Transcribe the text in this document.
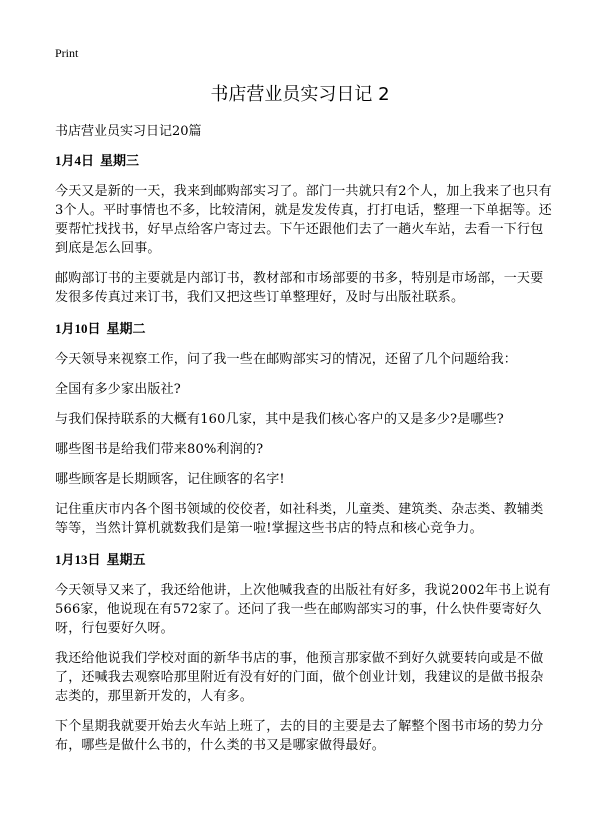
Print
书店营业员实习日记 2

书店营业员实习日记20篇

1月4日 星期三

今天又是新的一天，我来到邮购部实习了。部门一共就只有2个人，加上我来了也只有3个人。平时事情也不多，比较清闲，就是发发传真，打打电话，整理一下单据等。还要帮忙找找书，好早点给客户寄过去。下午还跟他们去了一趟火车站，去看一下行包到底是怎么回事。

邮购部订书的主要就是内部订书，教材部和市场部要的书多，特别是市场部，一天要发很多传真过来订书，我们又把这些订单整理好，及时与出版社联系。

1月10日 星期二

今天领导来视察工作，问了我一些在邮购部实习的情况，还留了几个问题给我：

全国有多少家出版社?

与我们保持联系的大概有160几家，其中是我们核心客户的又是多少?是哪些?

哪些图书是给我们带来80%利润的?

哪些顾客是长期顾客，记住顾客的名字!

记住重庆市内各个图书领域的佼佼者，如社科类，儿童类、建筑类、杂志类、教辅类等等，当然计算机就数我们是第一啦!掌握这些书店的特点和核心竞争力。

1月13日 星期五

今天领导又来了，我还给他讲，上次他喊我查的出版社有好多，我说2002年书上说有566家，他说现在有572家了。还问了我一些在邮购部实习的事，什么快件要寄好久呀，行包要好久呀。

我还给他说我们学校对面的新华书店的事，他预言那家做不到好久就要转向或是不做了，还喊我去观察哈那里附近有没有好的门面，做个创业计划，我建议的是做书报杂志类的，那里新开发的，人有多。

下个星期我就要开始去火车站上班了，去的目的主要是去了解整个图书市场的势力分布，哪些是做什么书的，什么类的书又是哪家做得最好。
